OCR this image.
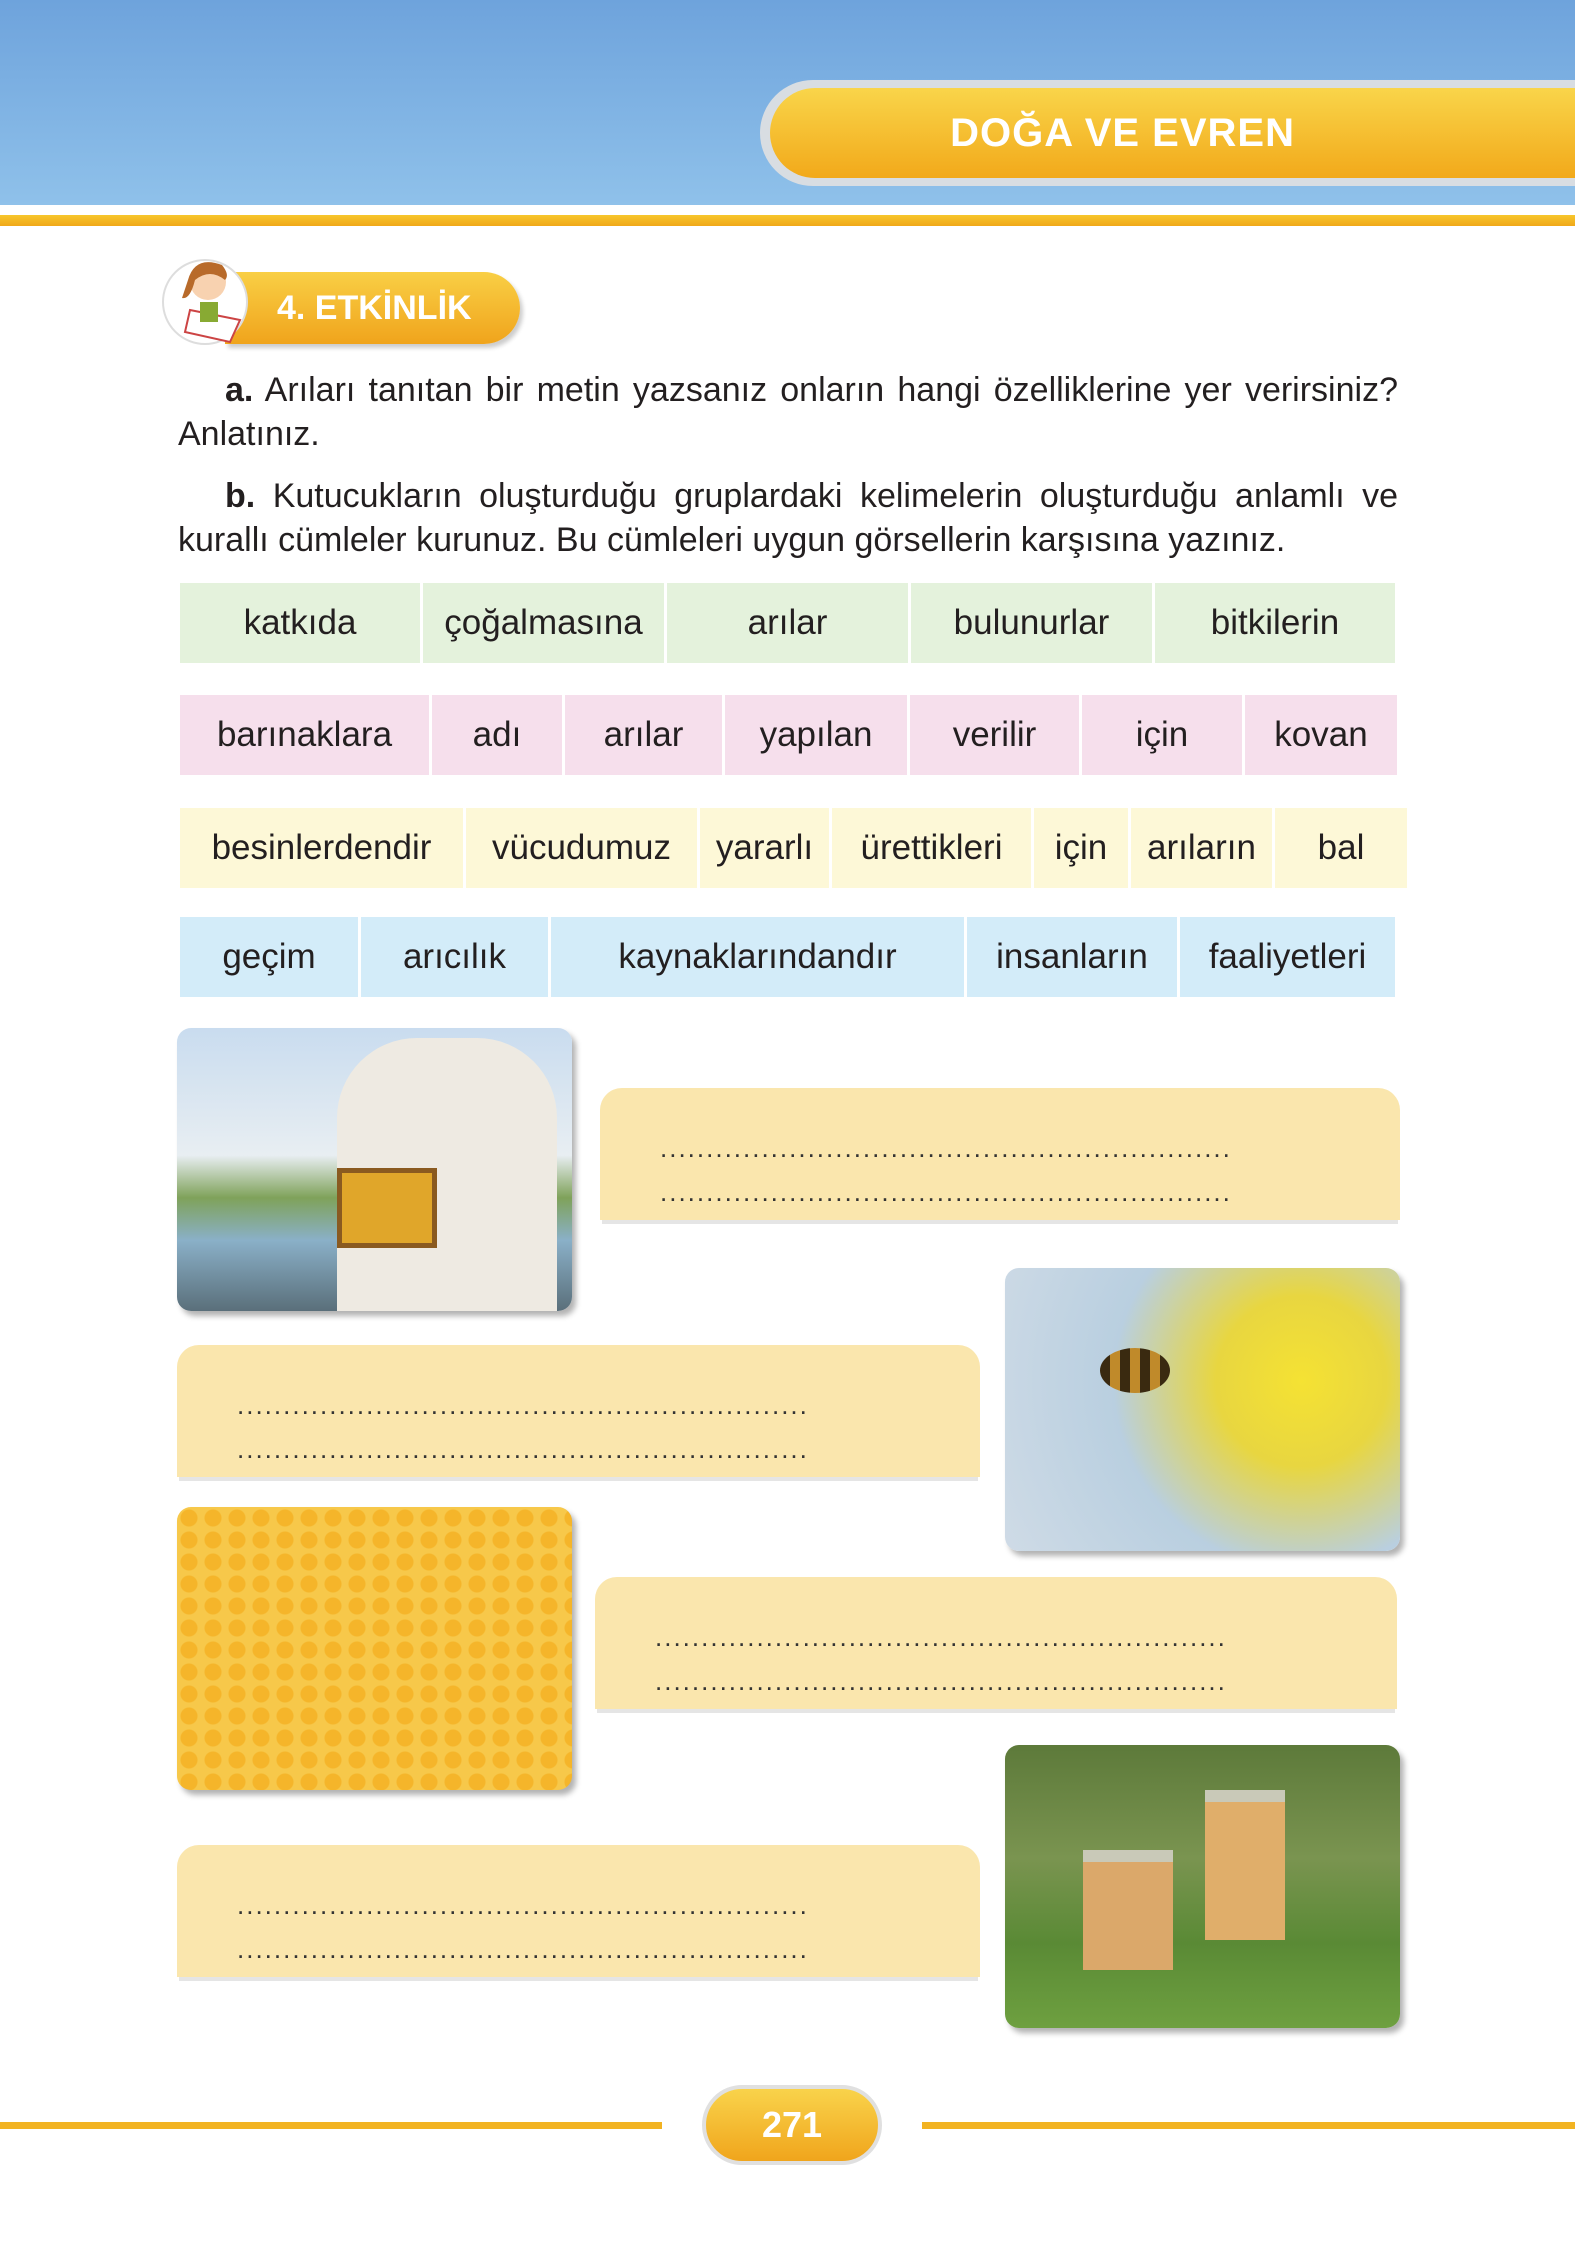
DOĞA VE EVREN
4. ETKİNLİK

a. Arıları tanıtan bir metin yazsanız onların hangi özelliklerine yer verirsiniz? Anlatınız.

b. Kutucukların oluşturduğu gruplardaki kelimelerin oluşturduğu anlamlı ve kurallı cümleler kurunuz. Bu cümleleri uygun görsellerin karşısına yazınız.

katkıda	çoğalmasına	arılar	bulunurlar	bitkilerin
barınaklara	adı	arılar	yapılan	verilir	için	kovan
besinlerdendir	vücudumuz	yararlı	ürettikleri	için	arıların	bal
geçim	arıcılık	kaynaklarındandır	insanların	faaliyetleri
..............................................................
..............................................................
..............................................................
..............................................................
..............................................................
..............................................................
..............................................................
..............................................................
271
